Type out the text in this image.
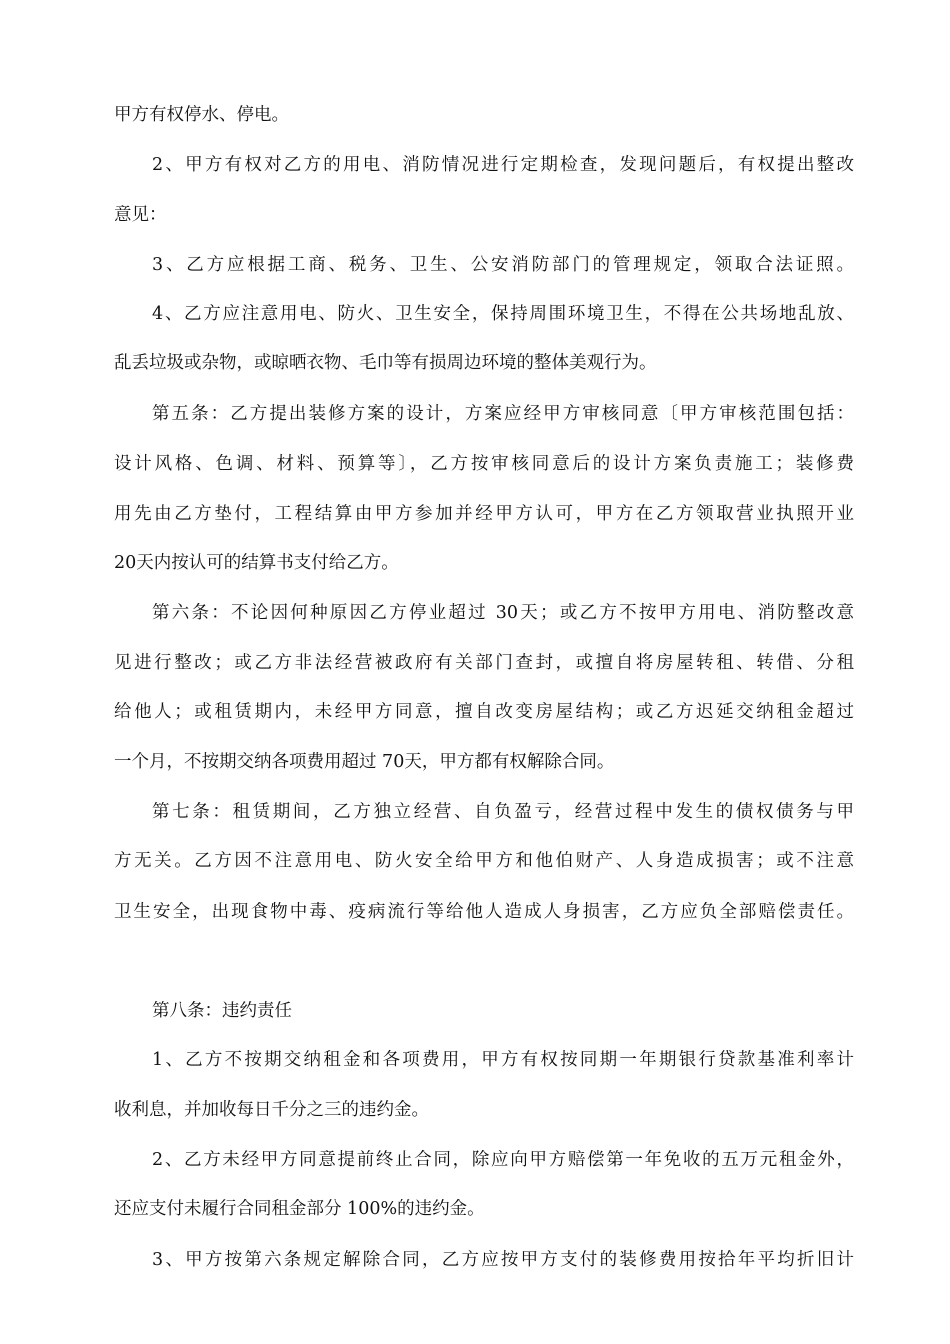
甲方有权停水、停电。
2、甲方有权对乙方的用电、消防情况进行定期检查，发现问题后，有权提出整改
意见：
3、乙方应根据工商、税务、卫生、公安消防部门的管理规定，领取合法证照。
4、乙方应注意用电、防火、卫生安全，保持周围环境卫生，不得在公共场地乱放、
乱丢垃圾或杂物，或晾晒衣物、毛巾等有损周边环境的整体美观行为。
第五条：乙方提出装修方案的设计，方案应经甲方审核同意〔甲方审核范围包括：
设计风格、色调、材料、预算等〕，乙方按审核同意后的设计方案负责施工；装修费
用先由乙方垫付，工程结算由甲方参加并经甲方认可，甲方在乙方领取营业执照开业
20天内按认可的结算书支付给乙方。
第六条：不论因何种原因乙方停业超过 30天；或乙方不按甲方用电、消防整改意
见进行整改；或乙方非法经营被政府有关部门查封，或擅自将房屋转租、转借、分租
给他人；或租赁期内，未经甲方同意，擅自改变房屋结构；或乙方迟延交纳租金超过
一个月，不按期交纳各项费用超过 70天，甲方都有权解除合同。
第七条：租赁期间，乙方独立经营、自负盈亏，经营过程中发生的债权债务与甲
方无关。乙方因不注意用电、防火安全给甲方和他伯财产、人身造成损害；或不注意
卫生安全，出现食物中毒、疫病流行等给他人造成人身损害，乙方应负全部赔偿责任。
第八条：违约责任
1、乙方不按期交纳租金和各项费用，甲方有权按同期一年期银行贷款基准利率计
收利息，并加收每日千分之三的违约金。
2、乙方未经甲方同意提前终止合同，除应向甲方赔偿第一年免收的五万元租金外，
还应支付未履行合同租金部分 100%的违约金。
3、甲方按第六条规定解除合同，乙方应按甲方支付的装修费用按拾年平均折旧计
